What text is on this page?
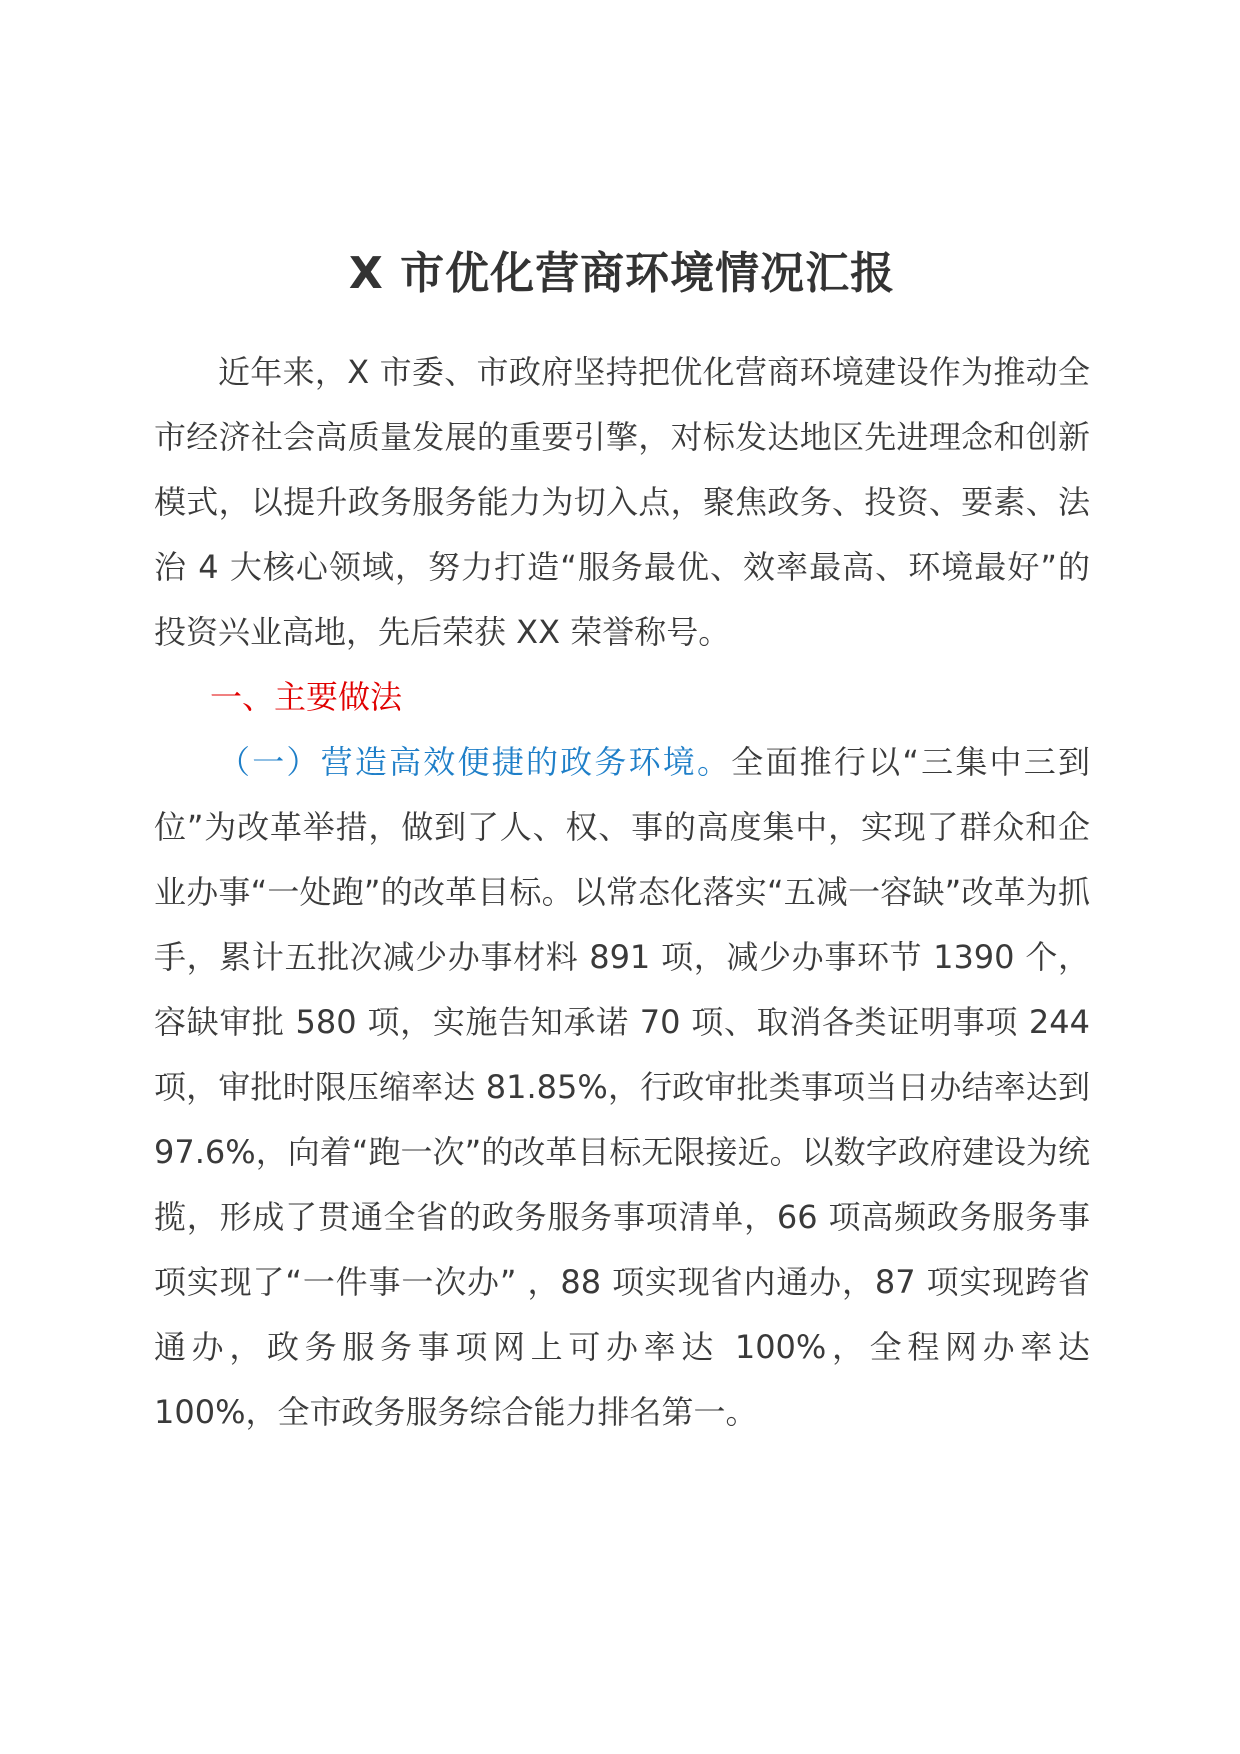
X 市优化营商环境情况汇报

近年来，X 市委、市政府坚持把优化营商环境建设作为推动全市经济社会高质量发展的重要引擎，对标发达地区先进理念和创新模式，以提升政务服务能力为切入点，聚焦政务、投资、要素、法治 4 大核心领域，努力打造“服务最优、效率最高、环境最好”的投资兴业高地，先后荣获 XX 荣誉称号。

一、主要做法

（一）营造高效便捷的政务环境。全面推行以“三集中三到位”为改革举措，做到了人、权、事的高度集中，实现了群众和企业办事“一处跑”的改革目标。以常态化落实“五减一容缺”改革为抓手，累计五批次减少办事材料 891 项，减少办事环节 1390 个，容缺审批 580 项，实施告知承诺 70 项、取消各类证明事项 244 项，审批时限压缩率达 81.85%，行政审批类事项当日办结率达到 97.6%，向着“跑一次”的改革目标无限接近。以数字政府建设为统揽，形成了贯通全省的政务服务事项清单，66 项高频政务服务事项实现了“一件事一次办” ，88 项实现省内通办，87 项实现跨省通办，政务服务事项网上可办率达 100%，全程网办率达 100%，全市政务服务综合能力排名第一。
